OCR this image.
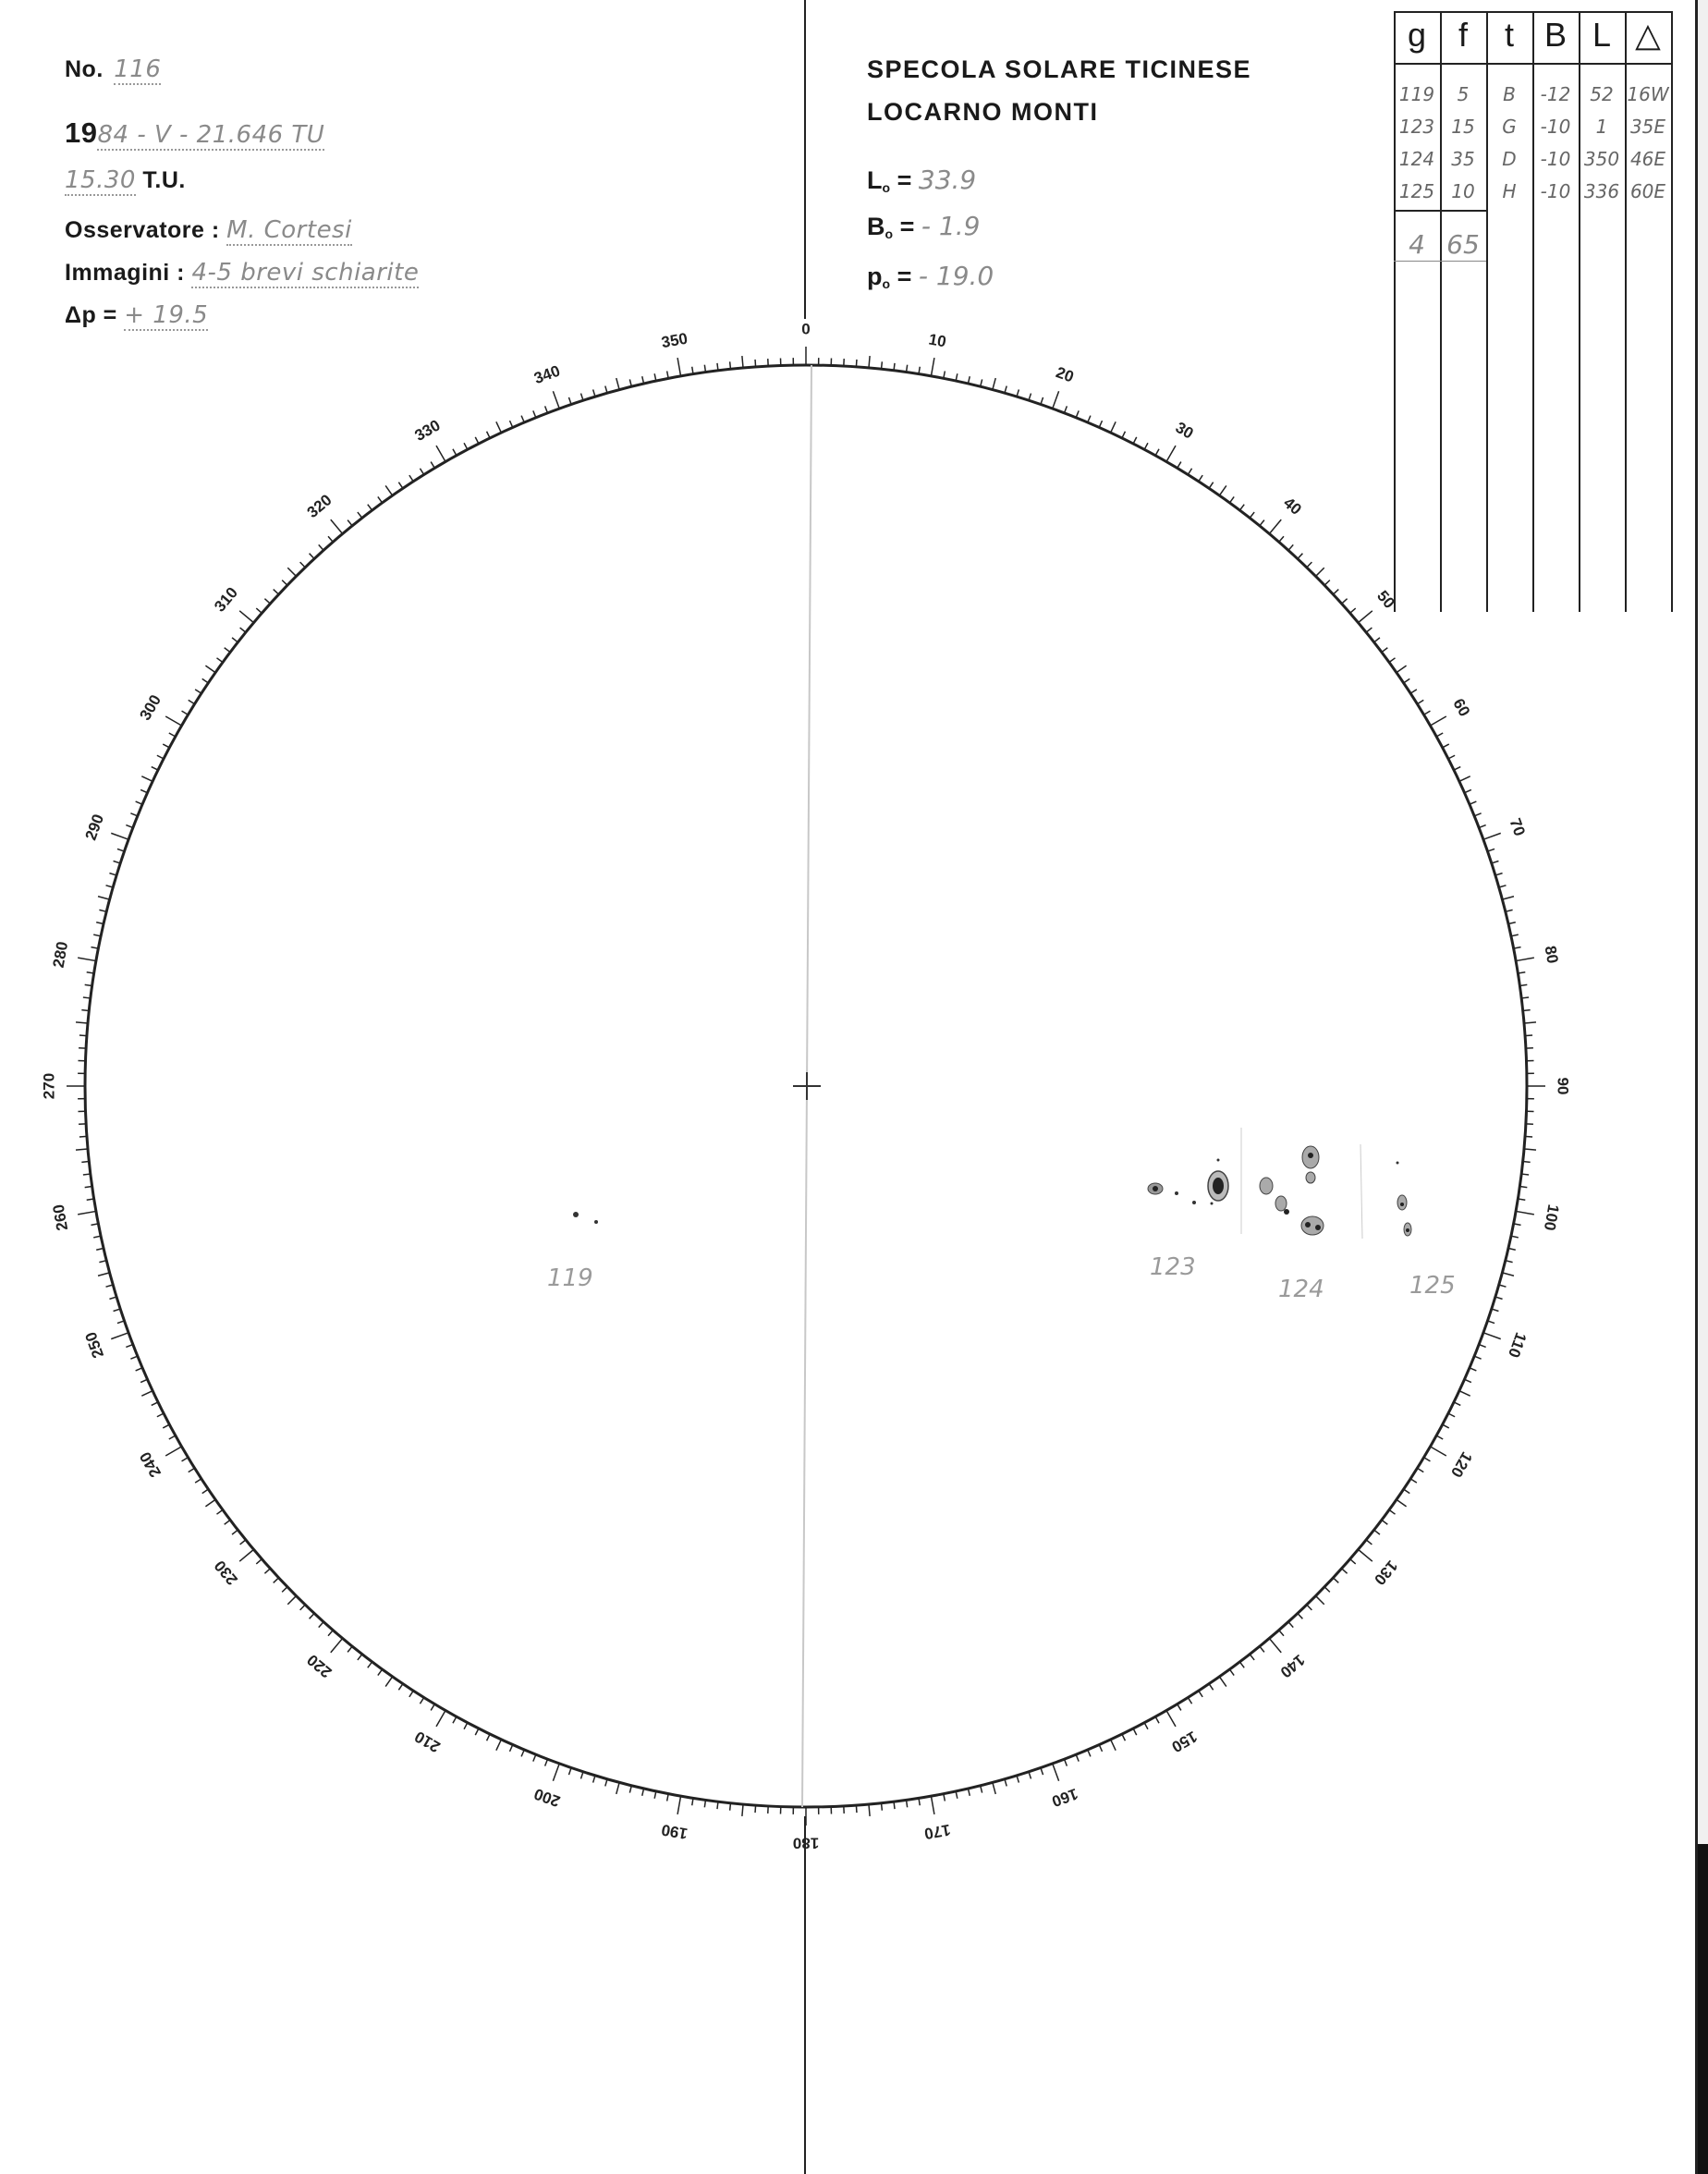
No. 116
1984 - V - 21.646 TU
15.30 T.U.
Osservatore : M. Cortesi
Immagini : 4-5 brevi schiarite
Δp = + 19.5
SPECOLA SOLARE TICINESE
LOCARNO MONTI
$L_o = 33.9$
$B_o$ = - 1.9
$p_o$ = - 19.0
g f	t B L △
119	5	B	-12	52 16W
123 15	G	-10	1	35E
124 35	D	-10 350 46E
125 10	H	-10 336 60E
4 65
0
10
20
30
40
50
60
70
80
90
100
110
120
130
140
150
160
170
180
190
200
210
220
230
240
250
260
270
280
290
300
310
320
330
340
350
119	123
124	125
